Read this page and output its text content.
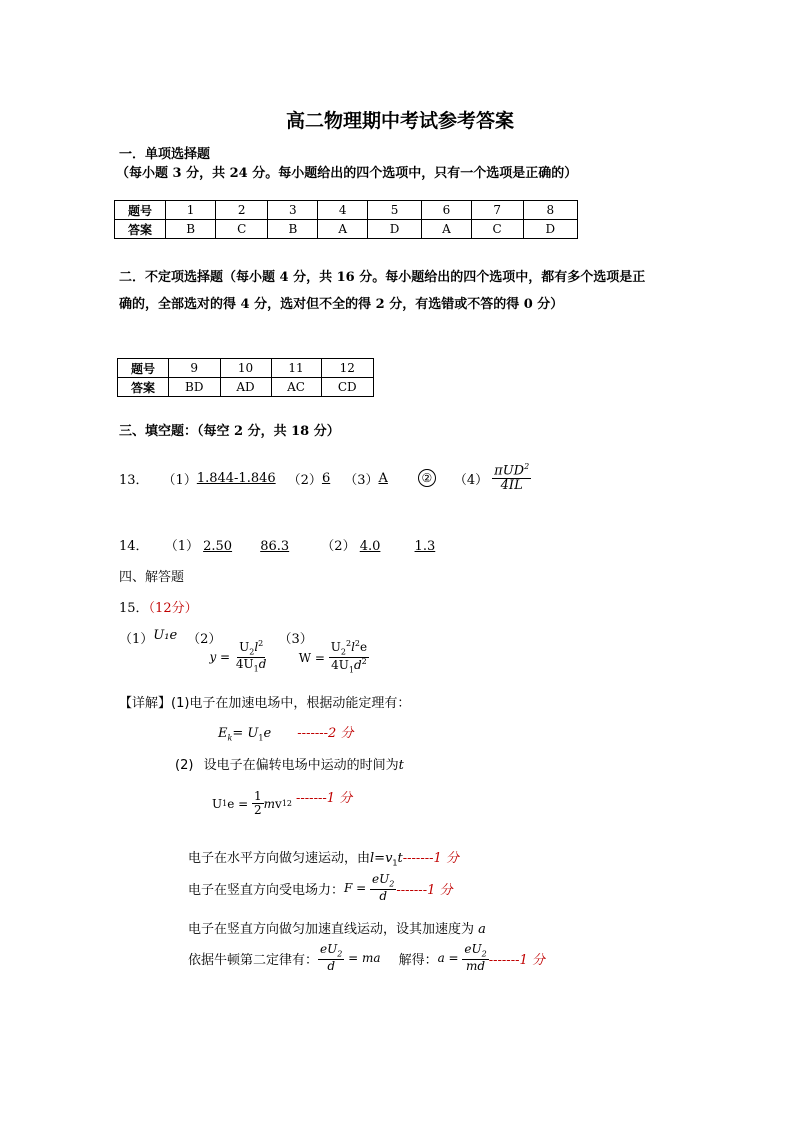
高二物理期中考试参考答案
一．单项选择题
（每小题 3 分，共 24 分。每小题给出的四个选项中，只有一个选项是正确的）
题号	1	2	3	4	5	6	7	8
答案	B	C	B	A	D	A	C	D
二．不定项选择题（每小题 4 分，共 16 分。每小题给出的四个选项中，都有多个选项是正
确的，全部选对的得 4 分，选对但不全的得 2 分，有选错或不答的得 0 分）
题号	9	10	11	12
答案	BD	AD	AC	CD
三、填空题：（每空 2 分，共 18 分）
13． （1） 1.844-1.846 （2） 6 （3） A	② $(4) \frac{\pi UD^2}{4IL}$
14． （1） 2.50 86.3 （2） 4.0	1.3
四、解答题
15．（12分）
（1） U₁e （2）
$y = \frac{U_2l^2}{4U_1d}$
（3）
$W = \frac{U_2^2l^2e}{4U_1d^2}$
【详解】(1)电子在加速电场中，根据动能定理有：
$E_k= U_1e$ -------2 分
(2) 设电子在偏转电场中运动的时间为t
U 1 $e = \frac{1}{2}$ m v 1 2 -------1 分
电子在水平方向做匀速运动，由$l=v_1t-------1$ 分
电子在竖直方向受电场力： $F = \frac{eU_2}{d} -------1$ 分
电子在竖直方向做匀加速直线运动，设其加速度为 a
依据牛顿第二定律有： $\frac{eU_2}{d}$ = ma 解得： $a = \frac{eU_2}{md} -------1$ 分
